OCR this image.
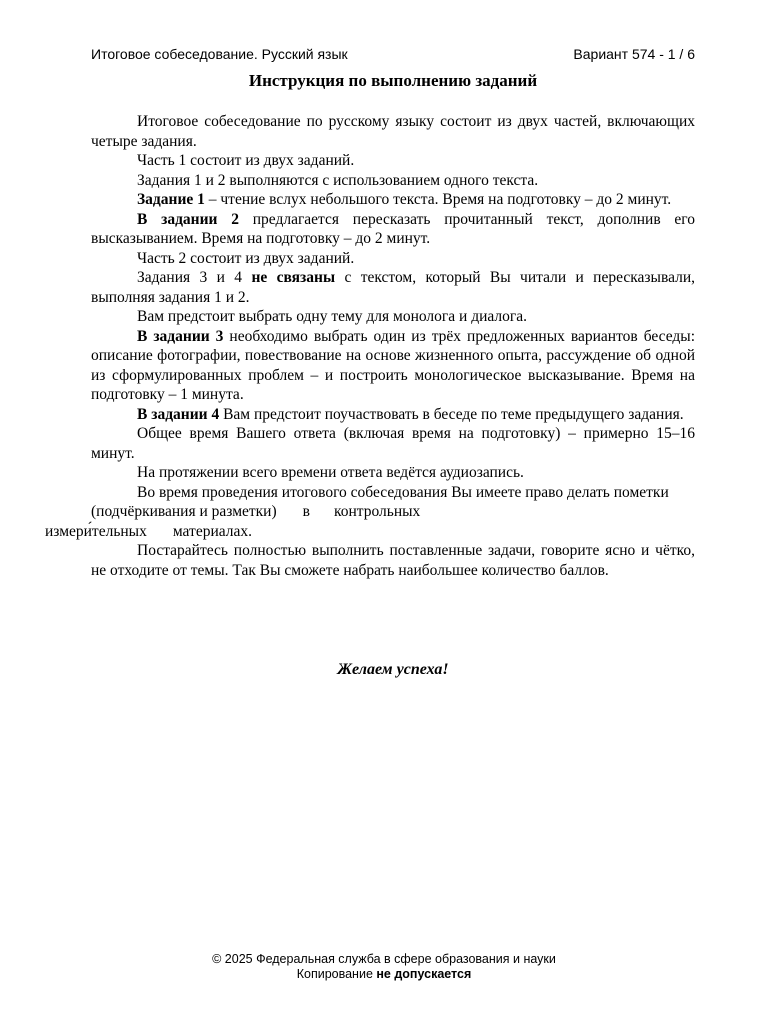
Итоговое собеседование. Русский язык	Вариант 574 - 1 / 6
Инструкция по выполнению заданий

Итоговое собеседование по русскому языку состоит из двух частей, включающих четыре задания.

Часть 1 состоит из двух заданий.

Задания 1 и 2 выполняются с использованием одного текста.

Задание 1 – чтение вслух небольшого текста. Время на подготовку – до 2 минут.

В задании 2 предлагается пересказать прочитанный текст, дополнив его высказыванием. Время на подготовку – до 2 минут.

Часть 2 состоит из двух заданий.

Задания 3 и 4 не связаны с текстом, который Вы читали и пересказывали, выполняя задания 1 и 2.

Вам предстоит выбрать одну тему для монолога и диалога.

В задании 3 необходимо выбрать один из трёх предложенных вариантов беседы: описание фотографии, повествование на основе жизненного опыта, рассуждение об одной из сформулированных проблем – и построить монологическое высказывание. Время на подготовку – 1 минута.

В задании 4 Вам предстоит поучаствовать в беседе по теме предыдущего задания.

Общее время Вашего ответа (включая время на подготовку) – примерно 15–16 минут.

На протяжении всего времени ответа ведётся аудиозапись.

Во время проведения итогового собеседования Вы имеете право делать пометки (подчёркивания и разметки) в контрольных
измери́тельных материалах.

Постарайтесь полностью выполнить поставленные задачи, говорите ясно и чётко, не отходите от темы. Так Вы сможете набрать наибольшее количество баллов.

Желаем успеха!
© 2025 Федеральная служба в сфере образования и науки
Копирование не допускается
